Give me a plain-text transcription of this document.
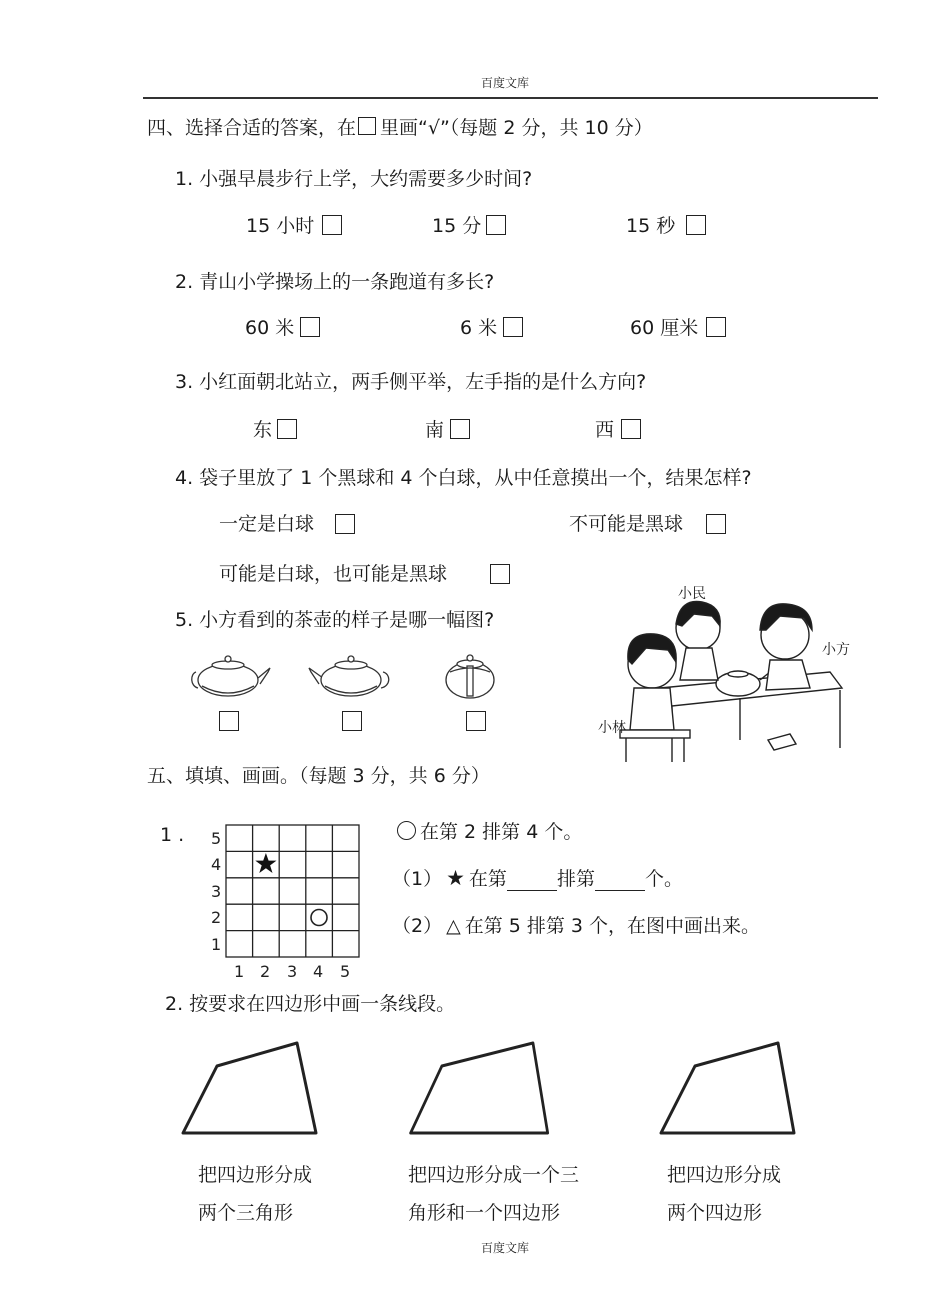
百度文库
四、选择合适的答案，在 里画“√”（每题 2 分，共 10 分）
1. 小强早晨步行上学，大约需要多少时间?
15 小时	15 分	15 秒
2. 青山小学操场上的一条跑道有多长?
60 米	6 米	60 厘米
3. 小红面朝北站立，两手侧平举，左手指的是什么方向?
东	南	西
4. 袋子里放了 1 个黑球和 4 个白球，从中任意摸出一个，结果怎样?
一定是白球	不可能是黑球
可能是白球，也可能是黑球
5. 小方看到的茶壶的样子是哪一幅图?
小民
小方
小林
五、填填、画画。（每题 3 分，共 6 分）
1 . 5
4
3
2
1
1 2 3 4 5
在第 2 排第 4 个。
（1） ★ 在第	排第	个。
（2） △ 在第 5 排第 3 个，在图中画出来。
2. 按要求在四边形中画一条线段。
把四边形分成
两个三角形
把四边形分成一个三
角形和一个四边形
把四边形分成
两个四边形
百度文库
